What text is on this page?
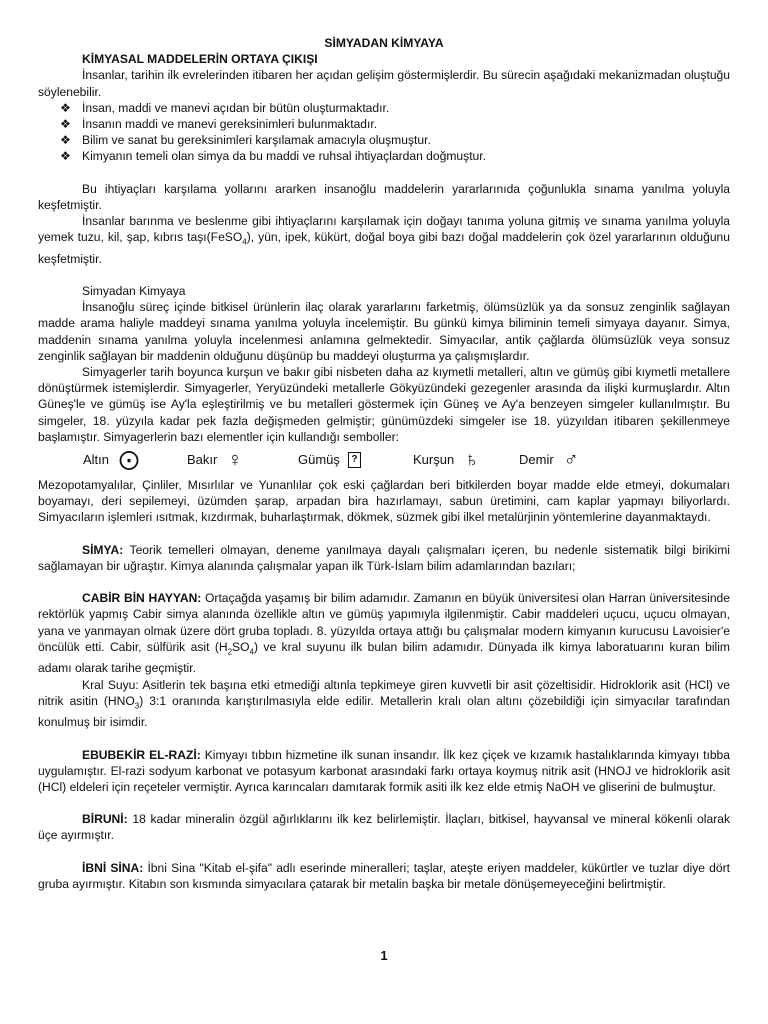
SİMYADAN KİMYAYA
KİMYASAL MADDELERİN ORTAYA ÇIKIŞI

İnsanlar, tarihin ilk evrelerinden itibaren her açıdan gelişim göstermişlerdir. Bu sürecin aşağıdaki mekanizmadan oluştuğu söylenebilir.

❖ İnsan, maddi ve manevi açıdan bir bütün oluşturmaktadır.
❖ İnsanın maddi ve manevi gereksinimleri bulunmaktadır.
❖ Bilim ve sanat bu gereksinimleri karşılamak amacıyla oluşmuştur.
❖ Kimyanın temeli olan simya da bu maddi ve ruhsal ihtiyaçlardan doğmuştur.

Bu ihtiyaçları karşılama yollarını ararken insanoğlu maddelerin yararlarınıda çoğunlukla sınama yanılma yoluyla keşfetmiştir.

İnsanlar barınma ve beslenme gibi ihtiyaçlarını karşılamak için doğayı tanıma yoluna gitmiş ve sınama yanılma yoluyla yemek tuzu, kil, şap, kıbrıs taşı(FeSO$_4$), yün, ipek, kükürt, doğal boya gibi bazı doğal maddelerin çok özel yararlarının olduğunu keşfetmiştir.

Simyadan Kimyaya

İnsanoğlu süreç içinde bitkisel ürünlerin ilaç olarak yararlarını farketmiş, ölümsüzlük ya da sonsuz zenginlik sağlayan madde arama haliyle maddeyi sınama yanılma yoluyla incelemiştir. Bu günkü kimya biliminin temeli simyaya dayanır. Simya, maddenin sınama yanılma yoluyla incelenmesi anlamına gelmektedir. Simyacılar, antik çağlarda ölümsüzlük veya sonsuz zenginlik sağlayan bir maddenin olduğunu düşünüp bu maddeyi oluşturma ya çalışmışlardır.

Simyagerler tarih boyunca kurşun ve bakır gibi nisbeten daha az kıymetli metalleri, altın ve gümüş gibi kıymetli metallere dönüştürmek istemişlerdir. Simyagerler, Yeryüzündeki metallerle Gökyüzündeki gezegenler arasında da ilişki kurmuşlardır. Altın Güneş'le ve gümüş ise Ay'la eşleştirilmiş ve bu metalleri göstermek için Güneş ve Ay'a benzeyen simgeler kullanılmıştır. Bu simgeler, 18. yüzyıla kadar pek fazla değişmeden gelmiştir; günümüzdeki simgeler ise 18. yüzyıldan itibaren şekillenmeye başlamıştır. Simyagerlerin bazı elementler için kullandığı semboller:

Altın ⨀	Bakır ♀	Gümüş	?	Kurşun ♄	Demir ♂

Mezopotamyalılar, Çinliler, Mısırlılar ve Yunanlılar çok eski çağlardan beri bitkilerden boyar madde elde etmeyi, dokumaları boyamayı, deri sepilemeyi, üzümden şarap, arpadan bira hazırlamayı, sabun üretimini, cam kaplar yapmayı biliyorlardı. Simyacıların işlemleri ısıtmak, kızdırmak, buharlaştırmak, dökmek, süzmek gibi ilkel metalürjinin yöntemlerine dayanmaktaydı.

SİMYA: Teorik temelleri olmayan, deneme yanılmaya dayalı çalışmaları içeren, bu nedenle sistematik bilgi birikimi sağlamayan bir uğraştır. Kimya alanında çalışmalar yapan ilk Türk-İslam bilim adamlarından bazıları;

CABİR BİN HAYYAN: Ortaçağda yaşamış bir bilim adamıdır. Zamanın en büyük üniversitesi olan Harran üniversitesinde rektörlük yapmış Cabir simya alanında özellikle altın ve gümüş yapımıyla ilgilenmiştir. Cabir maddeleri uçucu, uçucu olmayan, yana ve yanmayan olmak üzere dört gruba topladı. 8. yüzyılda ortaya attığı bu çalışmalar modern kimyanın kurucusu Lavoisier'e öncülük etti. Cabir, sülfürik asit $(H_2SO_4)$ ve kral suyunu ilk bulan bilim adamıdır. Dünyada ilk kimya laboratuarını kuran bilim adamı olarak tarihe geçmiştir.

Kral Suyu: Asitlerin tek başına etki etmediği altınla tepkimeye giren kuvvetli bir asit çözeltisidir. Hidroklorik asit (HCl) ve nitrik asitin $(HNO_3)$ 3:1 oranında karıştırılmasıyla elde edilir. Metallerin kralı olan altını çözebildiği için simyacılar tarafından konulmuş bir isimdir.

EBUBEKİR EL-RAZİ: Kimyayı tıbbın hizmetine ilk sunan insandır. İlk kez çiçek ve kızamık hastalıklarında kimyayı tıbba uygulamıştır. El-razi sodyum karbonat ve potasyum karbonat arasındaki farkı ortaya koymuş nitrik asit (HNOJ ve hidroklorik asit (HCl) eldeleri için reçeteler vermiştir. Ayrıca karıncaları damıtarak formik asiti ilk kez elde etmiş NaOH ve gliserini de bulmuştur.

BİRUNİ: 18 kadar mineralin özgül ağırlıklarını ilk kez belirlemiştir. İlaçları, bitkisel, hayvansal ve mineral kökenli olarak üçe ayırmıştır.

İBNİ SİNA: İbni Sina "Kitab el-şifa" adlı eserinde mineralleri; taşlar, ateşte eriyen maddeler, kükürtler ve tuzlar diye dört gruba ayırmıştır. Kitabın son kısmında simyacılara çatarak bir metalin başka bir metale dönüşemeyeceğini belirtmiştir.

1
